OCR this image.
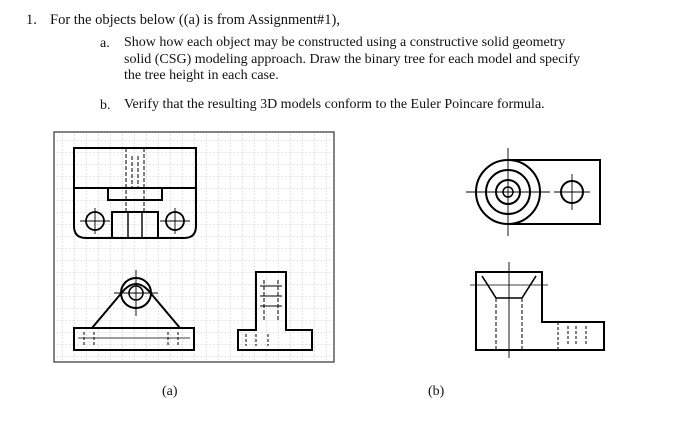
1. For the objects below ((a) is from Assignment#1),
a. Show how each object may be constructed using a constructive solid geometry
solid (CSG) modeling approach. Draw the binary tree for each model and specify
the tree height in each case.
b. Verify that the resulting 3D models conform to the Euler Poincare formula.
(a)	(b)
